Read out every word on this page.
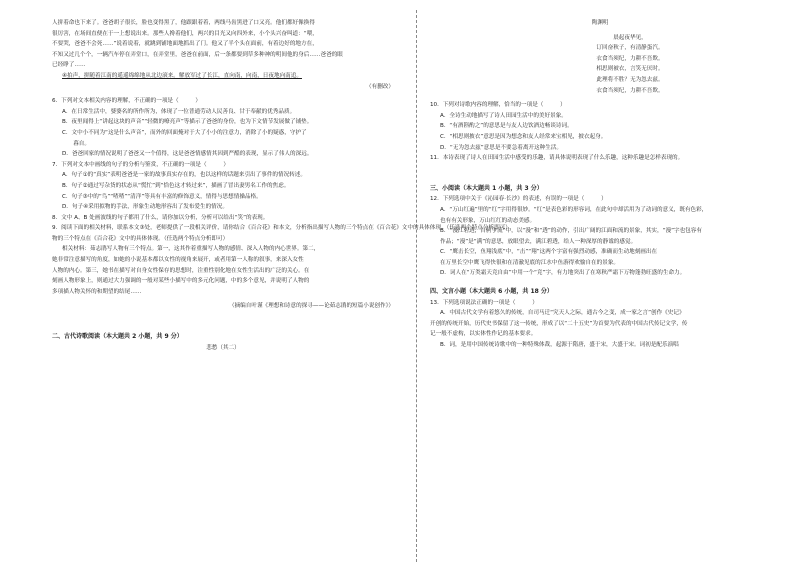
人拼着命也下来了。爸爸胡子很长，脸也变得黑了，他跟跟着着，两线马齿黑进了口又亮。他们都好像换得

很厉害，在场间直便在于一上想说出来。那些人搀着他们，两兴的目光又向四外来，小个头兴奋叫道：“喂，

不要哭，爸爸不会死……”说着说着，就跳到铺地面地抓出了门。他又了半个头在面前，有着边好的地方在，

不知又过几个个，一辆汽车停在弄堂口，在弄堂里，爸爸在前面，后一条都要到草多种神的明间他的身后……爸爸的眼

已经睁了……

④拍声，拼随着江南的遥遥绵绵地从北边滚来。解放军过了长江，直向南，向南，日夜地向南追。

（有删改）

6．下列对文本相关内容的理解，不正确的一项是（　　　）

A．在日常生活中，婆婆名的所作所为，体现了一位普通劳动人民善良、甘于奉献的优秀品质。

B．夜里闻得上“讲起这块的声音”“轻微的嘹亮声”等描示了爸爸的身份，也为下文情节发展做了铺垫。

C．文中小不同为“这是什么声音”，而外的回面掩对于大了小小的注意力，消除了小的疑惑，守护了

　　暮自。

D．爸爸回家的情况说明了爸爸又一个值得，这是爸爸情感情其因到严酷的表现，显示了伟人的深远。

7．下列对文本中画线的句子的分析与鉴赏，不正确的一项是（　　　）

A．句子①的“真实”表明爸爸是一家的故事真实存在的，也以这样的话题来引出了事件的情况转述。

B．句子②通过写杂货的状态从“慌忙”到“恰色这才转过来”，描画了冒出妻男名工作的焦虑。

C．句子③中的“鸟”“喳喳”“清洋”等具有丰富的修饰意义，情得与思想情操品格。

D．句子④采用拟物的手法，形象生动地形容出了发布爱生的情况。

8．文中 A、B 处画波线的句子都用了什么，请你加以分析，分析可以给出“笑”的表现。

9．阅读下面的相关材料，联系本文③处，老师提供了一段相关评价，请你结合《百合花》和本文，分析指出描写人物的三个特点在《百合花》文中的具体体现。（任选两个特点分析即可）

物的三个特点在《百合花》文中的具体体现。（任选两个特点分析即可）

相关材料：茹志鹃写人物有三个特点。第一，这其作着重描写人物的感情、深入人物的内心世界。第二，

她非常注意描写的角度，如她的小说基本都以女性的视角来展开，或者用第一人称的叙事，来深入女性

人物的内心。第三，她书在描写对自身女性保存的思想时，注重性别化地在女性生活出的广泛的关心。在

刻画人物形象上，则通过大力强调的一般对某些小描写中的多元化问题，中的多个意见，并说明了人物的

多项描人物关怀的和期望的结尾……

（摘编自叶谨《理想和诗意的探寻——论茹志鹃的短篇小说创作》）

二、古代诗歌阅读（本大题共 2 小题，共 9 分）

悲愁（其二）

陶渊明

晨起夜华见，

订回奋秋子，有清静蛋汽。

衣食当须纪，力耕不吾欺。

相思则被衣，言笑无厌时。

此理将不胜？无为忽去兹。

衣食当须纪，力耕不吾欺。

10．下列对诗歌内容的理解，恰当的一项是（　　　）

A．全诗生动地描写了诗人田园生活中的美好景象。

B．“有酒斟酌之”的意思是与友人边饮酒边畅谈诗词。

C．“相思则披衣”意思是因为想念和友人经常来宝相见，披衣起身。

D．“无为忽去兹”意思是不要急着离开这种生活。

11．本诗表现了诗人在田园生活中感受的乐趣，请具体说明表现了什么乐趣，这种乐趣是怎样表现的。

三、小阅读（本大题共 1 小题，共 3 分）

12．下列选项中关于《沁园春·长沙》的表述，有误的一项是（　　　）

A．“万山红遍”里的“红”字用得很妙。“红”是表色彩的形容词，在此句中却活用为了动词的意义，既有色彩，

也有有关形象，万山红红的动态美感。

B．“漫江碧透，百舸争流”中，以“漫”和“透”的动作，引出广阔的江面和流的景象，其实，“漫”字也包容有

作品；“漫”是“满”的意思，放眼望去，满江碧透，给人一种深厚的静谧的感觉。

C．“鹰击长空，鱼翔浅底”中，“击”“翔”这两个字富有强烈动感，准确而生动地刻画出在

在万里长空中鹰飞得快很和在清澈见底的江水中鱼游得欢愉自在的景象。

D．词人在“万类霜天竞自由”中用一个“竞”字，有力地突出了在寒秋严霜下万物蓬勃旺盛的生命力。

四、文言小题（本大题共 6 小题，共 18 分）

13．下列选项说法正确的一项是（　　　）

A．中国古代文学有着悠久的传统，自司马迁“究天人之际，通古今之变，成一家之言”创作《史记》

开创的传统开始，历代史书保留了这一传统，形成了以“二十五史”为首要为代表的中国古代传记文学，传

记一般不虚构，以实体性作记的基本要求。

B．词，是用中国传统诗歌中的一种特殊体裁，起源于隋唐，盛于宋，大盛于宋。词初是配乐演唱
